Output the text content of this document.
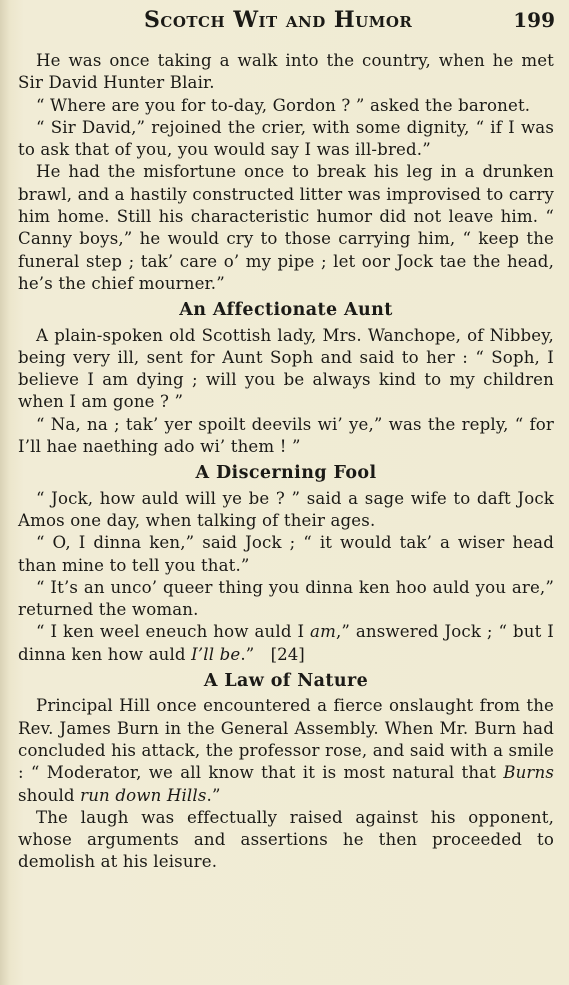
Scotch Wit and Humor	199

He was once taking a walk into the country, when he met Sir David Hunter Blair.

“ Where are you for to-day, Gordon ? ” asked the baronet.

“ Sir David,” rejoined the crier, with some dignity, “ if I was to ask that of you, you would say I was ill-bred.”

He had the misfortune once to break his leg in a drunken brawl, and a hastily constructed litter was improvised to carry him home. Still his characteristic humor did not leave him. “ Canny boys,” he would cry to those carrying him, “ keep the funeral step ; tak’ care o’ my pipe ; let oor Jock tae the head, he’s the chief mourner.”

An Affectionate Aunt

A plain-spoken old Scottish lady, Mrs. Wanchope, of Nibbey, being very ill, sent for Aunt Soph and said to her : “ Soph, I believe I am dying ; will you be always kind to my children when I am gone ? ”

“ Na, na ; tak’ yer spoilt deevils wi’ ye,” was the reply, “ for I’ll hae naething ado wi’ them ! ”

A Discerning Fool

“ Jock, how auld will ye be ? ” said a sage wife to daft Jock Amos one day, when talking of their ages.

“ O, I dinna ken,” said Jock ; “ it would tak’ a wiser head than mine to tell you that.”

“ It’s an unco’ queer thing you dinna ken hoo auld you are,” returned the woman.

“ I ken weel eneuch how auld I am,” answered Jock ; “ but I dinna ken how auld I’ll be.” [24]

A Law of Nature

Principal Hill once encountered a fierce onslaught from the Rev. James Burn in the General Assembly. When Mr. Burn had concluded his attack, the professor rose, and said with a smile : “ Moderator, we all know that it is most natural that Burns should run down Hills.”

The laugh was effectually raised against his opponent, whose arguments and assertions he then proceeded to demolish at his leisure.
